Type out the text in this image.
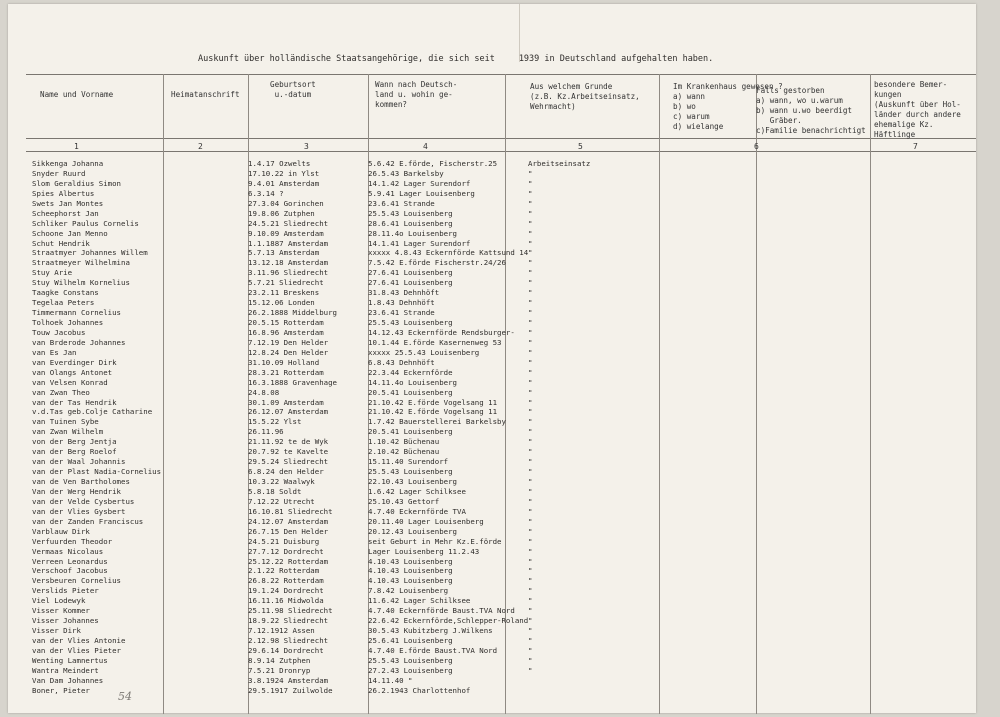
Auskunft über holländische Staatsangehörige, die sich seit	1939 in Deutschland aufgehalten haben.
Name und Vorname	Heimatanschrift
Geburtsort
u.-datum
Wann nach Deutsch-
land u. wohin ge-
kommen?
Aus welchem Grunde
(z.B. Kz.Arbeitseinsatz,
Wehrmacht)
Im Krankenhaus gewesen ?
a) wann
b) wo
c) warum
d) wielange
Falls gestorben
a) wann, wo u.warum
b) wann u.wo beerdigt
Gräber.
c)Familie benachrichtigt
besondere Bemer-
kungen
(Auskunft über Hol-
länder durch andere
ehemalige Kz.
Häftlinge
1	2	3	4	5	6	7
Sikkenga Johanna	1.4.17 Ozwelts	5.6.42 E.förde, Fischerstr.25	Arbeitseinsatz
Snyder Ruurd	17.10.22 in Ylst	26.5.43 Barkelsby	"
Slom Geraldius Simon	9.4.01 Amsterdam	14.1.42 Lager Surendorf	"
Spies Albertus	6.3.14 ?	5.9.41 Lager Louisenberg	"
Swets Jan Montes	27.3.04 Gorinchen	23.6.41 Strande	"
Scheephorst Jan	19.8.06 Zutphen	25.5.43 Louisenberg	"
Schliker Paulus Cornelis	24.5.21 Sliedrecht	28.6.41 Louisenberg	"
Schoone Jan Menno	9.10.09 Amsterdam	28.11.4o Louisenberg	"
Schut Hendrik	1.1.1887 Amsterdam	14.1.41 Lager Surendorf	"
Straatmyer Johannes Willem	5.7.13 Amsterdam	xxxxx 4.8.43 Eckernförde Kattsund 14 "
Straatmeyer Wilhelmina	13.12.18 Amsterdam	7.5.42 E.förde Fischerstr.24/26	"
Stuy Arie	3.11.96 Sliedrecht	27.6.41 Louisenberg	"
Stuy Wilhelm Kornelius	5.7.21 Sliedrecht	27.6.41 Louisenberg	"
Taagke Constans	23.2.11 Breskens	31.8.43 Dehnhöft	"
Tegelaa Peters	15.12.06 Londen	1.8.43 Dehnhöft	"
Timmermann Cornelius	26.2.1888 Middelburg	23.6.41 Strande	"
Tolhoek Johannes	20.5.15 Rotterdam	25.5.43 Louisenberg	"
Touw Jacobus	16.8.96 Amsterdam	14.12.43 Eckernförde Rendsburger- "
van Brderode Johannes	7.12.19 Den Helder	10.1.44 E.förde Kasernenweg 53	"
van Es Jan	12.8.24 Den Helder	xxxxx 25.5.43 Louisenberg	"
van Everdinger Dirk	31.10.09 Holland	6.8.43 Dehnhöft	"
van Olangs Antonet	28.3.21 Rotterdam	22.3.44 Eckernförde	"
van Velsen Konrad	16.3.1888 Gravenhage	14.11.4o Louisenberg	"
van Zwan Theo	24.8.08	20.5.41 Louisenberg	"
van der Tas Hendrik	30.1.09 Amsterdam	21.10.42 E.förde Vogelsang 11	"
v.d.Tas geb.Colje Catharine	26.12.07 Amsterdam	21.10.42 E.förde Vogelsang 11	"
van Tuinen Sybe	15.5.22 Ylst	1.7.42 Bauerstellerei Barkelsby	"
van Zwan Wilhelm	26.11.96	20.5.41 Louisenberg	"
von der Berg Jentja	21.11.92 te de Wyk	1.10.42 Büchenau	"
van der Berg Roelof	20.7.92 te Kavelte	2.10.42 Büchenau	"
van der Waal Johannis	29.5.24 Sliedrecht	15.11.40 Surendorf	"
van der Plast Nadia-Cornelius	6.8.24 den Helder	25.5.43 Louisenberg	"
van de Ven Bartholomes	10.3.22 Waalwyk	22.10.43 Louisenberg	"
Van der Werg Hendrik	5.8.18 Soldt	1.6.42 Lager Schilksee	"
van der Velde Cysbertus	7.12.22 Utrecht	25.10.43 Gettorf	"
van der Vlies Gysbert	16.10.81 Sliedrecht	4.7.40 Eckernförde TVA	"
van der Zanden Franciscus	24.12.07 Amsterdam	20.11.40 Lager Louisenberg	"
Varblauw Dirk	26.7.15 Den Helder	20.12.43 Louisenberg	"
Verfuurden Theodor	24.5.21 Duisburg	seit Geburt in Mehr Kz.E.förde	"
Vermaas Nicolaus	27.7.12 Dordrecht	Lager Louisenberg 11.2.43	"
Verreen Leonardus	25.12.22 Rotterdam	4.10.43 Louisenberg	"
Verschoof Jacobus	2.1.22 Rotterdam	4.10.43 Louisenberg	"
Versbeuren Cornelius	26.8.22 Rotterdam	4.10.43 Louisenberg	"
Verslids Pieter	19.1.24 Dordrecht	7.8.42 Louisenberg	"
Viel Lodewyk	16.11.16 Midwolda	11.6.42 Lager Schilksee	"
Visser Kommer	25.11.98 Sliedrecht	4.7.40 Eckernförde Baust.TVA Nord "
Visser Johannes	18.9.22 Sliedrecht	22.6.42 Eckernförde,Schlepper-Roland "
Visser Dirk	7.12.1912 Assen	30.5.43 Kubitzberg J.Wilkens	"
van der Vlies Antonie	2.12.98 Sliedrecht	25.6.41 Louisenberg	"
van der Vlies Pieter	29.6.14 Dordrecht	4.7.40 E.förde Baust.TVA Nord	"
Wenting Lamnertus	8.9.14 Zutphen	25.5.43 Louisenberg	"
Wantra Meindert	7.5.21 Dronryp	27.2.43 Louisenberg	"
Van Dam Johannes	3.8.1924 Amsterdam	14.11.40 "
Boner, Pieter	29.5.1917 Zuilwolde	26.2.1943 Charlottenhof
54
